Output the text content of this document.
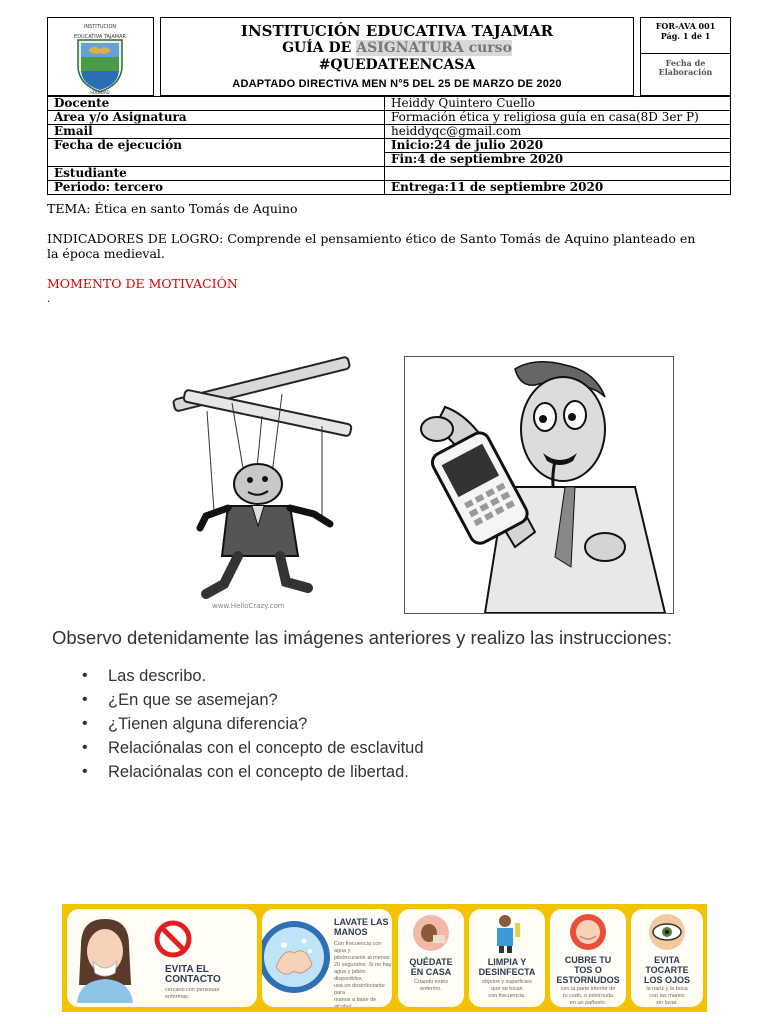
INSTITUCION
EDUCATIVA TAJAMAR
SOLEDAD
INSTITUCIÓN EDUCATIVA TAJAMAR
GUÍA DE ASIGNATURA curso
#QUEDATEENCASA
ADAPTADO DIRECTIVA MEN N°5 DEL 25 DE MARZO DE 2020
FOR-AVA 001
Pág. 1 de 1
Fecha de
Elaboración
Docente	Heiddy Quintero Cuello
Área y/o Asignatura	Formación ética y religiosa guía en casa(8D 3er P)
Email	heiddyqc@gmail.com
Fecha de ejecución	Inicio:24 de julio 2020
	Fin:4 de septiembre 2020
Estudiante	
Periodo: tercero	Entrega:11 de septiembre 2020
TEMA: Ética en santo Tomás de Aquino
INDICADORES DE LOGRO: Comprende el pensamiento ético de Santo Tomás de Aquino planteado en
la época medieval.
MOMENTO DE MOTIVACIÓN
.
www.HelloCrazy.com
Observo detenidamente las imágenes anteriores y realizo las instrucciones:
• Las describo.
• ¿En que se asemejan?
• ¿Tienen alguna diferencia?
• Relaciónalas con el concepto de esclavitud
• Relaciónalas con el concepto de libertad.
EVITA EL
CONTACTO
cercano con personas
enfermas.
LAVATE LAS
MANOS
Con frecuencia con agua y
jabóncurante al menos
20 segundos. Si no hay
agua y jabón disponibles,
usa un desinfectante para
manos a base de alcohol.
QUÉDATE
EN CASA
Cuando estés
enfermo.
LIMPIA Y
DESINFECTA
objetos y superficies
que se tocan
con frecuencia.
CUBRE TU
TOS O
ESTORNUDOS
con la parte interior de
tu codo, o estornuda
en un pañuelo.
EVITA
TOCARTE
LOS OJOS
la nariz y la boca
con las manos
sin lavar.
